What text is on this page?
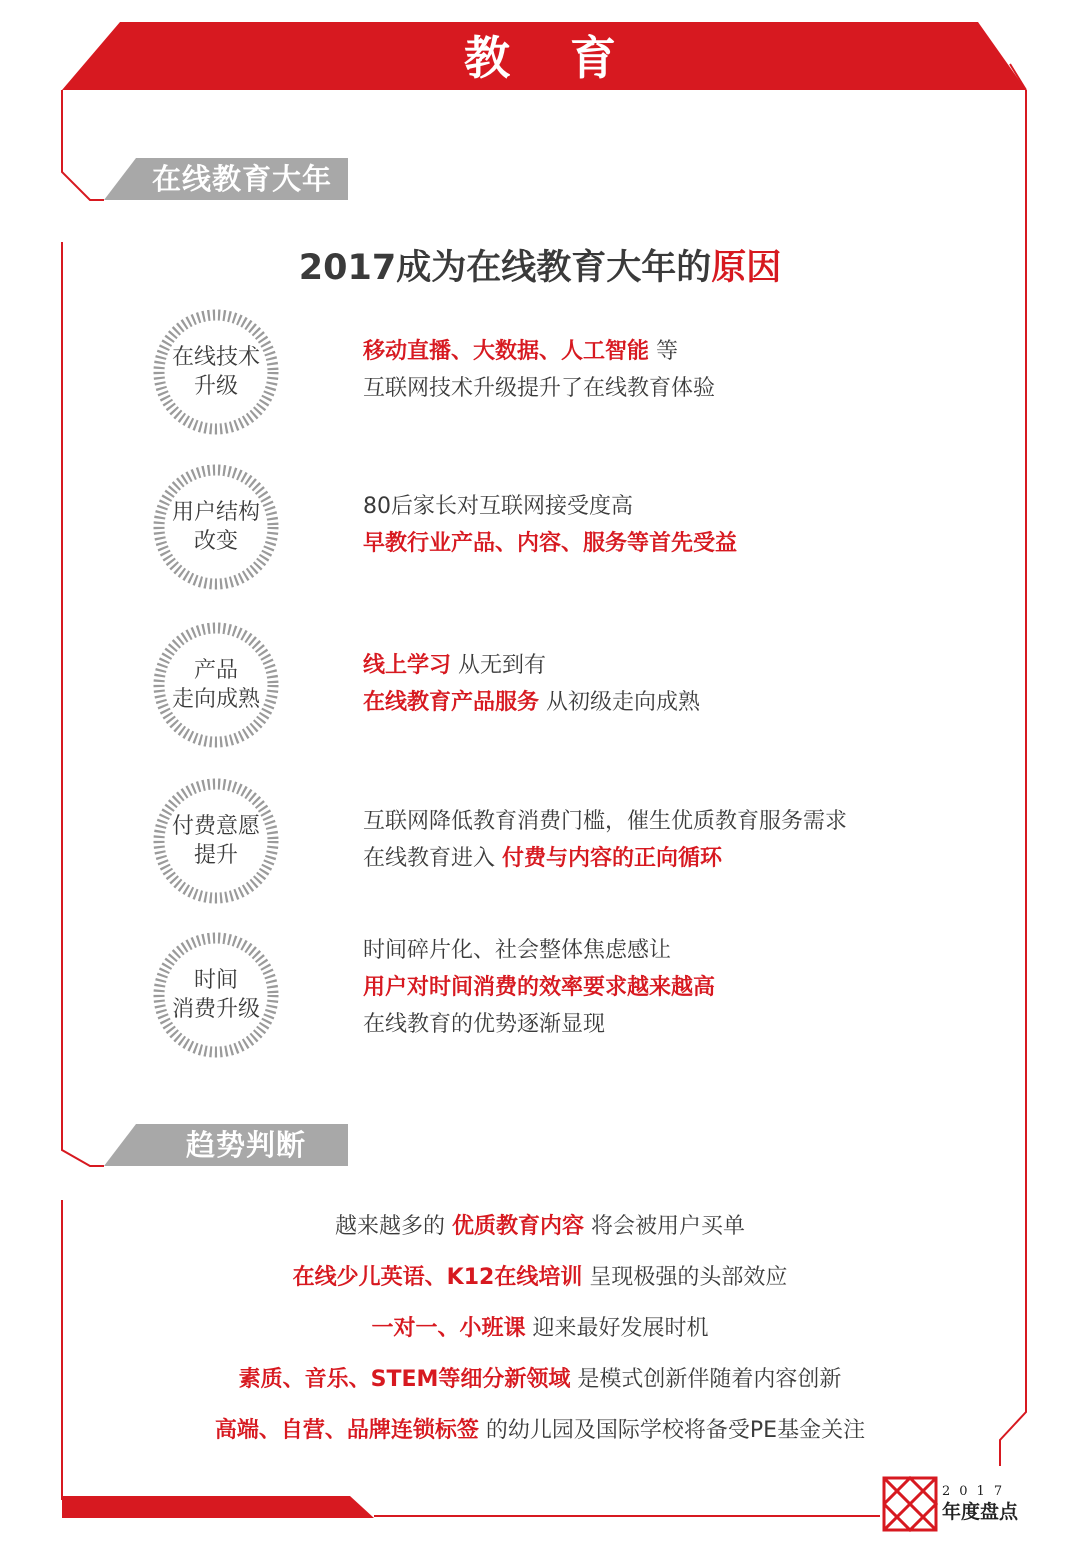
教育
在线教育大年
2017成为在线教育大年的原因
在线技术
升级
移动直播、大数据、人工智能 等
互联网技术升级提升了在线教育体验
用户结构
改变
80后家长对互联网接受度高
早教行业产品、内容、服务等首先受益
产品
走向成熟
线上学习 从无到有
在线教育产品服务 从初级走向成熟
付费意愿
提升
互联网降低教育消费门槛，催生优质教育服务需求
在线教育进入 付费与内容的正向循环
时间
消费升级
时间碎片化、社会整体焦虑感让
用户对时间消费的效率要求越来越高
在线教育的优势逐渐显现
趋势判断
越来越多的 优质教育内容 将会被用户买单
在线少儿英语、K12在线培训 呈现极强的头部效应
一对一、小班课 迎来最好发展时机
素质、音乐、STEM等细分新领域 是模式创新伴随着内容创新
高端、自营、品牌连锁标签 的幼儿园及国际学校将备受PE基金关注
2017
年度盘点
